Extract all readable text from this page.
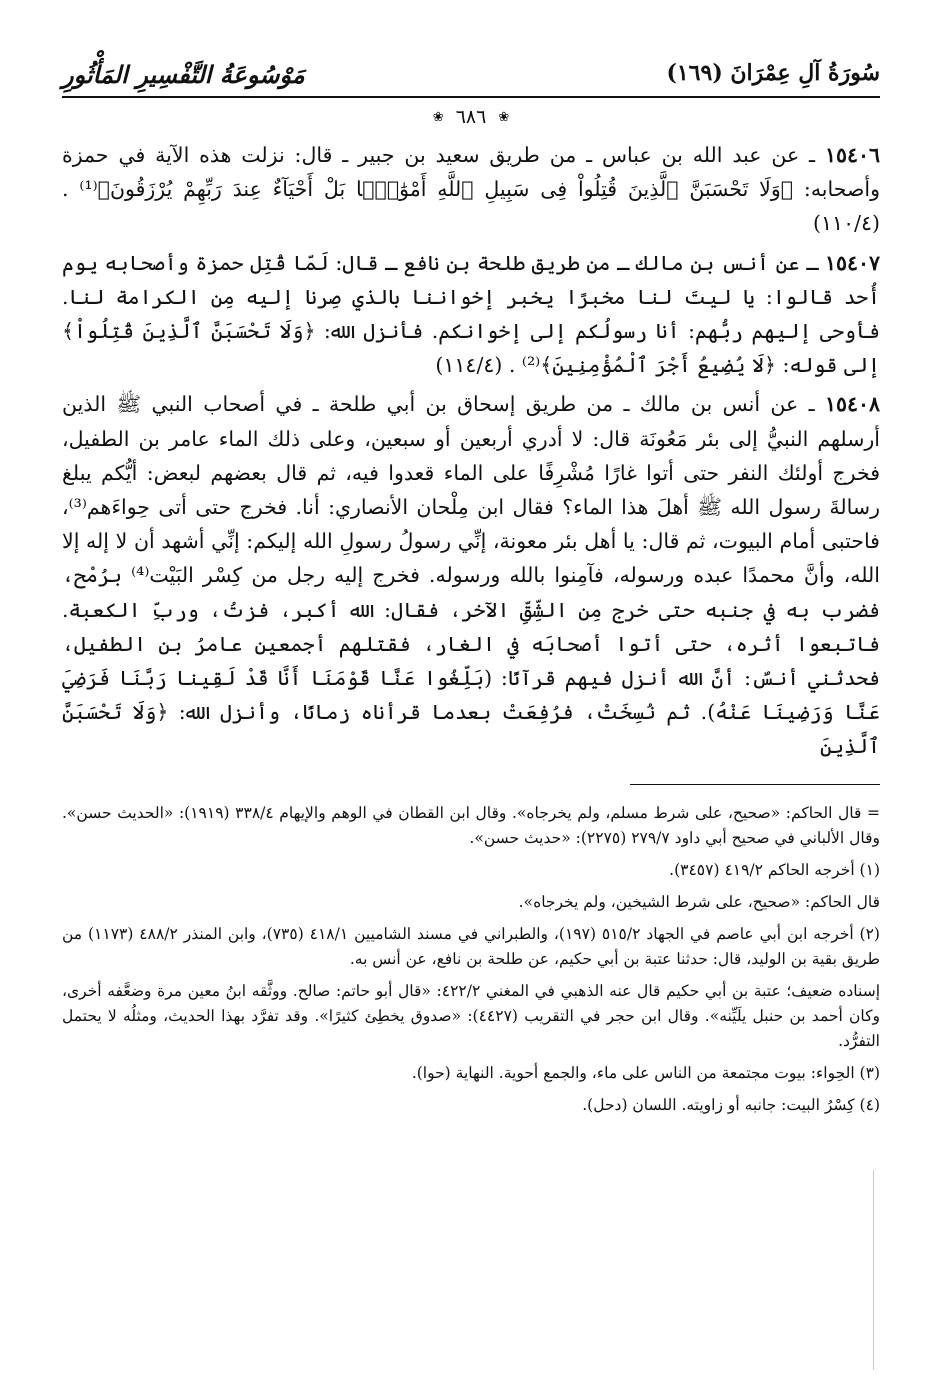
سُورَةُ آلِ عِمْرَانَ (١٦٩)
مَوْسُوعَةُ التَّفْسِيرِ المَأْثُورِ
❀ ٦٨٦ ❀

١٥٤٠٦ ـ عن عبد الله بن عباس ـ من طريق سعيد بن جبير ـ قال: نزلت هذه الآية في حمزة وأصحابه: ﴿وَلَا تَحْسَبَنَّ ٱلَّذِينَ قُتِلُواْ فِى سَبِيلِ ٱللَّهِ أَمْوَٰتًۢا بَلْ أَحْيَآءٌ عِندَ رَبِّهِمْ يُرْزَقُونَ﴾⁽¹⁾ . (١١٠/٤)

١٥٤٠٧ ـ عن أنس بن مالك ـ من طريق طلحة بن نافع ـ قال: لَمّا قُتِل حمزة وأصحابه يوم أُحد قالوا: يا ليتَ لنا مخبرًا يخبر إخواننا بالذي صِرنا إليه مِن الكرامة لنا. فأوحى إليهم ربُّهم: أنا رسولُكم إلى إخوانكم. فأنزل الله: ﴿وَلَا تَحْسَبَنَّ ٱلَّذِينَ قُتِلُواْ﴾ إلى قوله: ﴿لَا يُضِيعُ أَجْرَ ٱلْمُؤْمِنِينَ﴾⁽²⁾ . (١١٤/٤)

١٥٤٠٨ ـ عن أنس بن مالك ـ من طريق إسحاق بن أبي طلحة ـ في أصحاب النبي ﷺ الذين أرسلهم النبيُّ إلى بئر مَعُونَة قال: لا أدري أربعين أو سبعين، وعلى ذلك الماء عامر بن الطفيل، فخرج أولئك النفر حتى أتوا غارًا مُشْرِفًا على الماء قعدوا فيه، ثم قال بعضهم لبعض: أيُّكم يبلغ رسالةَ رسول الله ﷺ أهلَ هذا الماء؟ فقال ابن مِلْحان الأنصاري: أنا. فخرج حتى أتى حِواءَهم⁽³⁾، فاحتبى أمام البيوت، ثم قال: يا أهل بئر معونة، إنِّي رسولُ رسولِ الله إليكم: إنِّي أشهد أن لا إله إلا الله، وأنَّ محمدًا عبده ورسوله، فآمِنوا بالله ورسوله. فخرج إليه رجل من كِسْر البَيْت⁽⁴⁾ برُمْح، فضرب به في جنبه حتى خرج مِن الشِّقِّ الآخر، فقال: الله أكبر، فزتُ، وربِّ الكعبة. فاتبعوا أثره، حتى أتوا أصحابَه في الغار، فقتلهم أجمعين عامرُ بن الطفيل، فحدثني أنسٌ: أنَّ الله أنزل فيهم قرآنًا: (بَلِّغُوا عَنَّا قَوْمَنَا أَنَّا قَدْ لَقِينا رَبَّنَا فَرَضِيَ عَنَّا وَرَضِينَا عَنْهُ). ثم نُسِخَتْ، فرُفِعَتْ بعدما قرأناه زمانًا، وأنزل الله: ﴿وَلَا تَحْسَبَنَّ ٱلَّذِينَ

= قال الحاكم: «صحيح، على شرط مسلم، ولم يخرجاه». وقال ابن القطان في الوهم والإيهام ٣٣٨/٤ (١٩١٩): «الحديث حسن». وقال الألباني في صحيح أبي داود ٢٧٩/٧ (٢٢٧٥): «حديث حسن».

(١) أخرجه الحاكم ٤١٩/٢ (٣٤٥٧).

قال الحاكم: «صحيح، على شرط الشيخين، ولم يخرجاه».

(٢) أخرجه ابن أبي عاصم في الجهاد ٥١٥/٢ (١٩٧)، والطبراني في مسند الشاميين ٤١٨/١ (٧٣٥)، وابن المنذر ٤٨٨/٢ (١١٧٣) من طريق بقية بن الوليد، قال: حدثنا عتبة بن أبي حكيم، عن طلحة بن نافع، عن أنس به.

إسناده ضعيف؛ عتبة بن أبي حكيم قال عنه الذهبي في المغني ٤٢٢/٢: «قال أبو حاتم: صالح. ووثَّقه ابنُ معين مرة وضعَّفه أخرى، وكان أحمد بن حنبل يلَيِّنه». وقال ابن حجر في التقريب (٤٤٢٧): «صدوق يخطِئ كثيرًا». وقد تفرَّد بهذا الحديث، ومثلُه لا يحتمل التفرُّد.

(٣) الحِواء: بيوت مجتمعة من الناس على ماء، والجمع أحوية. النهاية (حوا).

(٤) كِسْرُ البيت: جانبه أو زاويته. اللسان (دحل).
